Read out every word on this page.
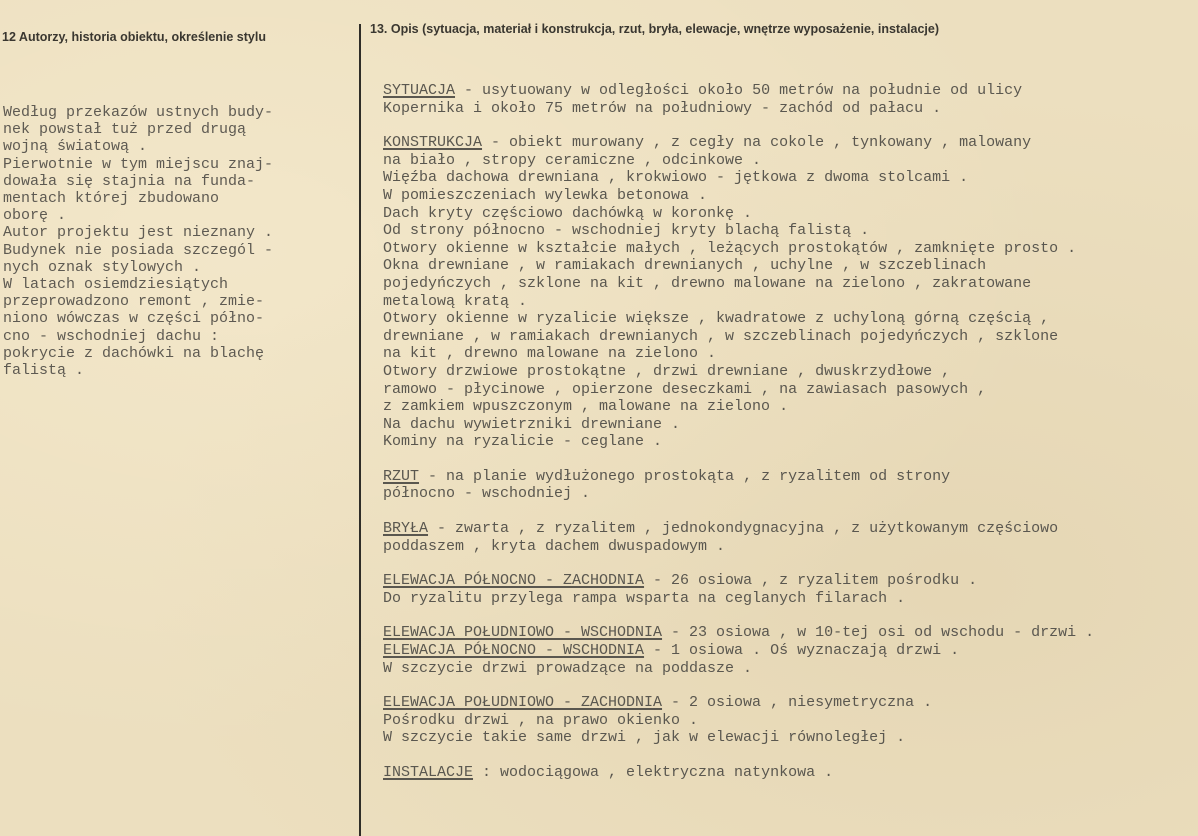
12 Autorzy, historia obiektu, określenie stylu
13. Opis (sytuacja, materiał i konstrukcja, rzut, bryła, elewacje, wnętrze wyposażenie, instalacje)
Według przekazów ustnych budy-
nek powstał tuż przed drugą
wojną światową .
Pierwotnie w tym miejscu znaj-
dowała się stajnia na funda-
mentach której zbudowano
oborę .
Autor projektu jest nieznany .
Budynek nie posiada szczegól -
nych oznak stylowych .
W latach osiemdziesiątych
przeprowadzono remont , zmie-
niono wówczas w części półno-
cno - wschodniej dachu :
pokrycie z dachówki na blachę
falistą .
SYTUACJA - usytuowany w odległości około 50 metrów na południe od ulicy
Kopernika i około 75 metrów na południowy - zachód od pałacu .
KONSTRUKCJA - obiekt murowany , z cegły na cokole , tynkowany , malowany
na biało , stropy ceramiczne , odcinkowe .
Więźba dachowa drewniana , krokwiowo - jętkowa z dwoma stolcami .
W pomieszczeniach wylewka betonowa .
Dach kryty częściowo dachówką w koronkę .
Od strony północno - wschodniej kryty blachą falistą .
Otwory okienne w kształcie małych , leżących prostokątów , zamknięte prosto .
Okna drewniane , w ramiakach drewnianych , uchylne , w szczeblinach
pojedyńczych , szklone na kit , drewno malowane na zielono , zakratowane
metalową kratą .
Otwory okienne w ryzalicie większe , kwadratowe z uchyloną górną częścią ,
drewniane , w ramiakach drewnianych , w szczeblinach pojedyńczych , szklone
na kit , drewno malowane na zielono .
Otwory drzwiowe prostokątne , drzwi drewniane , dwuskrzydłowe ,
ramowo - płycinowe , opierzone deseczkami , na zawiasach pasowych ,
z zamkiem wpuszczonym , malowane na zielono .
Na dachu wywietrzniki drewniane .
Kominy na ryzalicie - ceglane .
RZUT - na planie wydłużonego prostokąta , z ryzalitem od strony
północno - wschodniej .
BRYŁA - zwarta , z ryzalitem , jednokondygnacyjna , z użytkowanym częściowo
poddaszem , kryta dachem dwuspadowym .
ELEWACJA PÓŁNOCNO - ZACHODNIA - 26 osiowa , z ryzalitem pośrodku .
Do ryzalitu przylega rampa wsparta na ceglanych filarach .
ELEWACJA POŁUDNIOWO - WSCHODNIA - 23 osiowa , w 10-tej osi od wschodu - drzwi .
ELEWACJA PÓŁNOCNO - WSCHODNIA - 1 osiowa . Oś wyznaczają drzwi .
W szczycie drzwi prowadzące na poddasze .
ELEWACJA POŁUDNIOWO - ZACHODNIA - 2 osiowa , niesymetryczna .
Pośrodku drzwi , na prawo okienko .
W szczycie takie same drzwi , jak w elewacji równoległej .
INSTALACJE : wodociągowa , elektryczna natynkowa .
